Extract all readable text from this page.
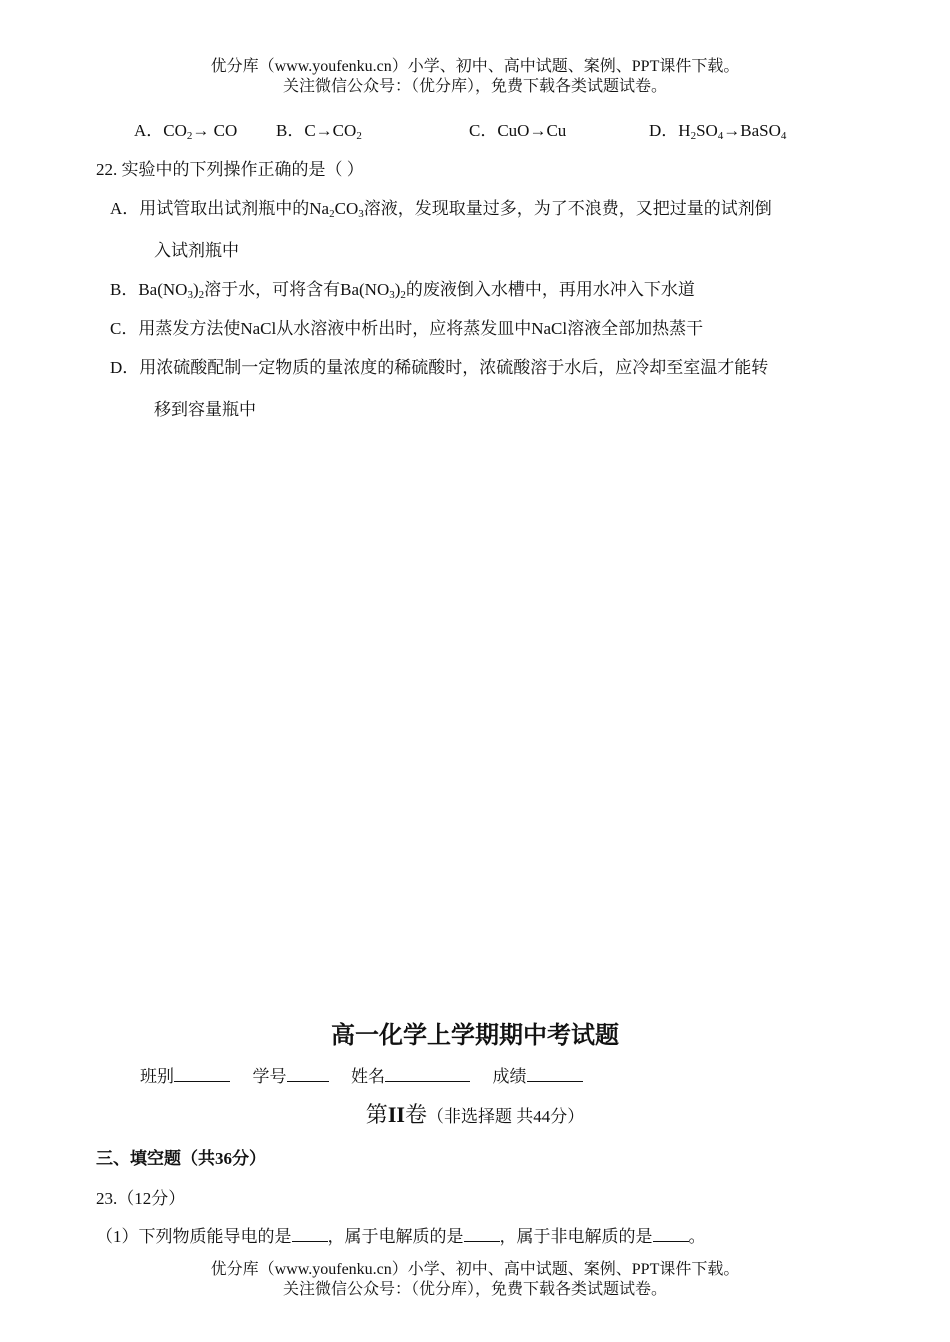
优分库（www.youfenku.cn）小学、初中、高中试题、案例、PPT课件下载。
关注微信公众号：（优分库），免费下载各类试题试卷。
A．$CO_2\to$ CO B．$C\to CO_2$	C．CuO→Cu	D．$H_2SO_4\to BaSO_4$
22. 实验中的下列操作正确的是（ ）
A．用试管取出试剂瓶中的$Na_2CO_3$溶液，发现取量过多，为了不浪费，又把过量的试剂倒
入试剂瓶中
B．$Ba(NO_3)_2$溶于水，可将含有$Ba(NO_3)_2$的废液倒入水槽中，再用水冲入下水道
C．用蒸发方法使NaCl从水溶液中析出时，应将蒸发皿中NaCl溶液全部加热蒸干
D．用浓硫酸配制一定物质的量浓度的稀硫酸时，浓硫酸溶于水后，应冷却至室温才能转
移到容量瓶中
高一化学上学期期中考试题
班别	学号	姓名	成绩
第II卷（非选择题 共44分）
三、填空题（共36分）
23.（12分）
（1）下列物质能导电的是 ，属于电解质的是 ，属于非电解质的是 。
优分库（www.youfenku.cn）小学、初中、高中试题、案例、PPT课件下载。
关注微信公众号：（优分库），免费下载各类试题试卷。
